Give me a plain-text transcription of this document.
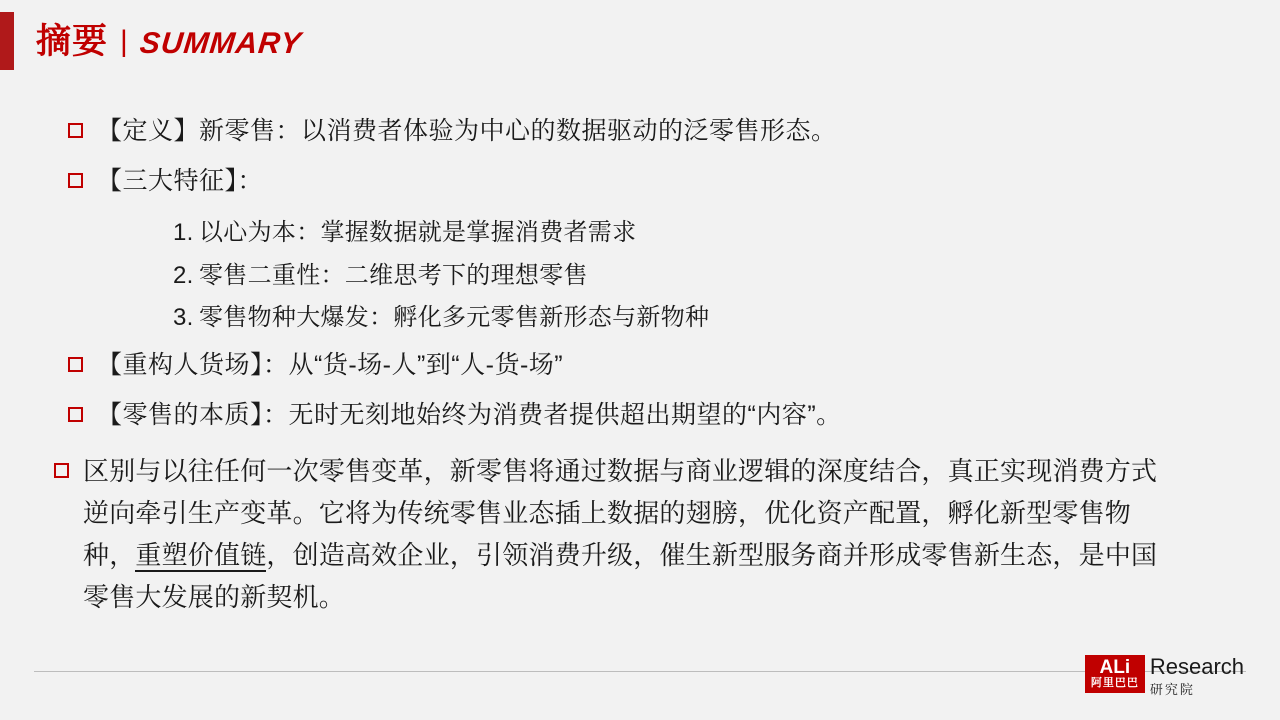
摘要 | SUMMARY
【定义】新零售：以消费者体验为中心的数据驱动的泛零售形态。
【三大特征】：
1. 以心为本：掌握数据就是掌握消费者需求
2. 零售二重性：二维思考下的理想零售
3. 零售物种大爆发：孵化多元零售新形态与新物种
【重构人货场】：从“货-场-人”到“人-货-场”
【零售的本质】：无时无刻地始终为消费者提供超出期望的“内容”。
区别与以往任何一次零售变革，新零售将通过数据与商业逻辑的深度结合，真正实现消费方式逆向牵引生产变革。它将为传统零售业态插上数据的翅膀，优化资产配置，孵化新型零售物种，重塑价值链，创造高效企业，引领消费升级，催生新型服务商并形成零售新生态，是中国零售大发展的新契机。
ALi
阿里巴巴
Research
研究院
